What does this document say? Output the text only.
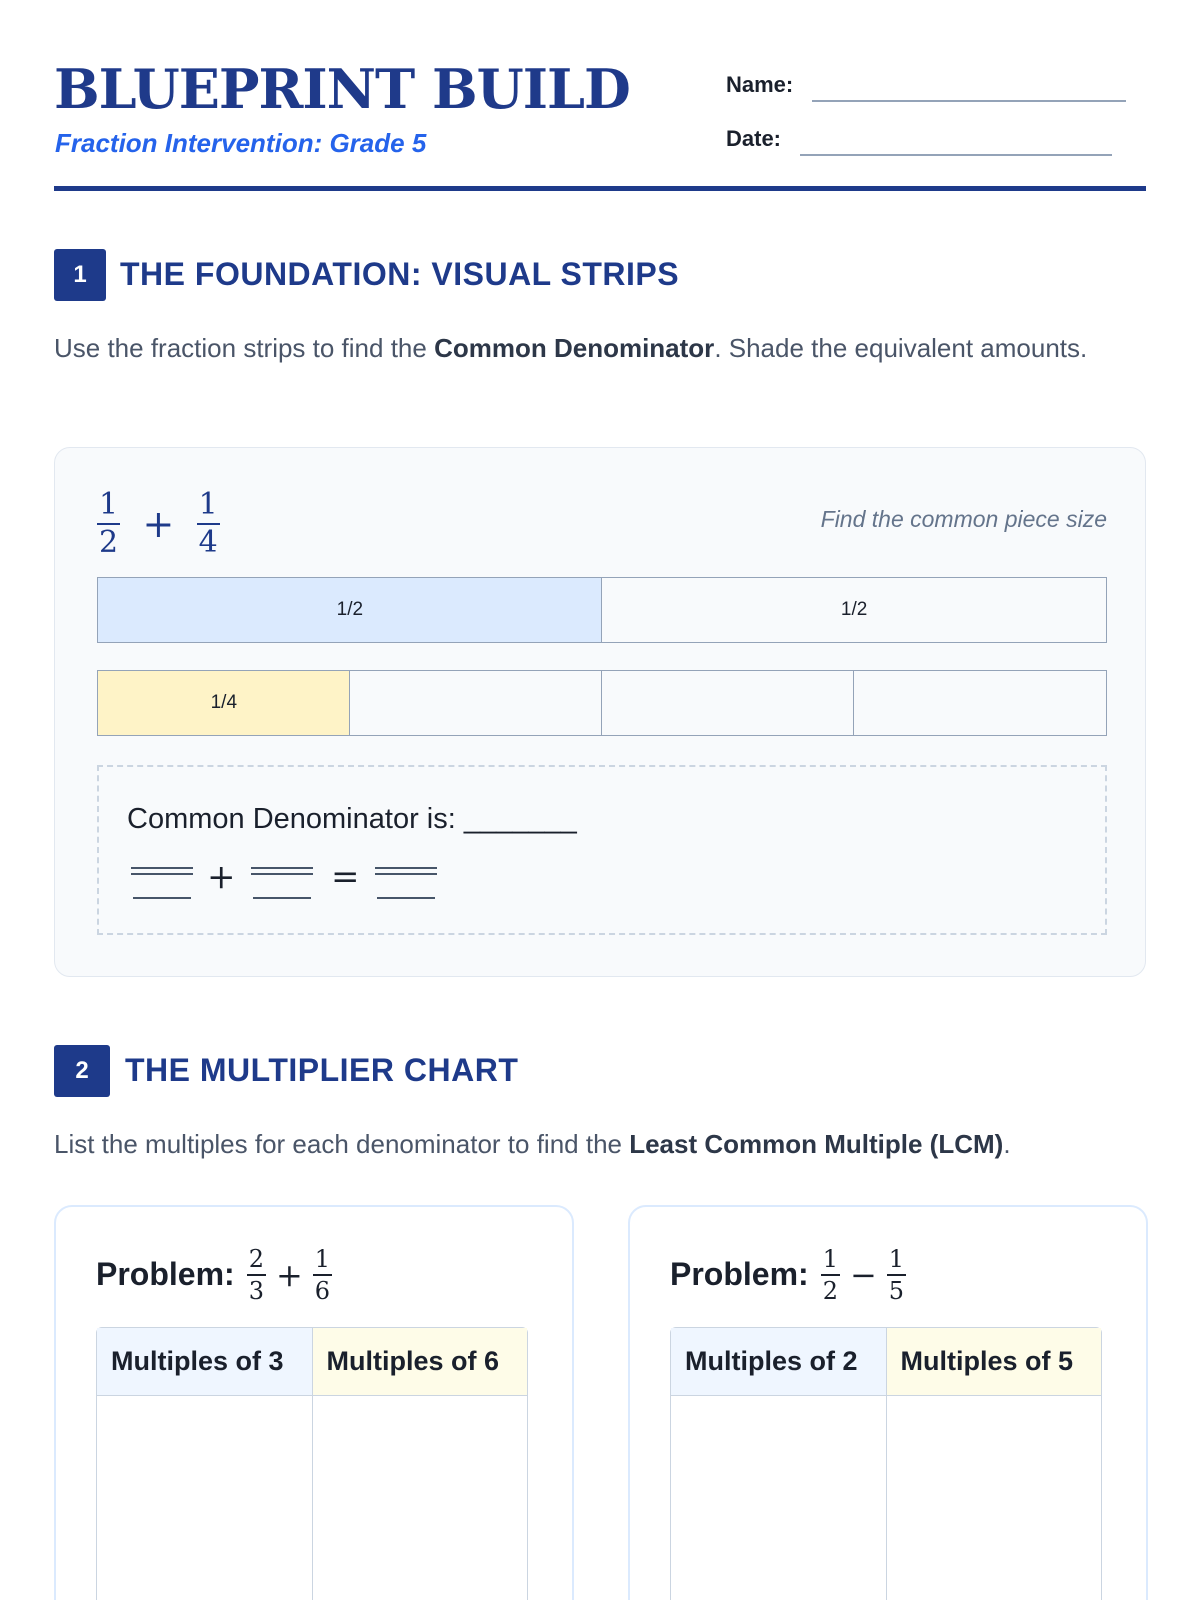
BLUEPRINT BUILD
Fraction Intervention: Grade 5
Name:
Date:
1	THE FOUNDATION: VISUAL STRIPS
Use the fraction strips to find the Common Denominator. Shade the equivalent amounts.
$\frac{1}{2} + \frac{1}{4}$	Find the common piece size
1/2	1/2
1/4
Common Denominator is: _______
+	=
2	THE MULTIPLIER CHART
List the multiples for each denominator to find the Least Common Multiple (LCM).
Problem: $\frac{2}{3} + \frac{1}{6}$
Multiples of 3	Multiples of 6
Problem: $\frac{1}{2} - \frac{1}{5}$
Multiples of 2	Multiples of 5
